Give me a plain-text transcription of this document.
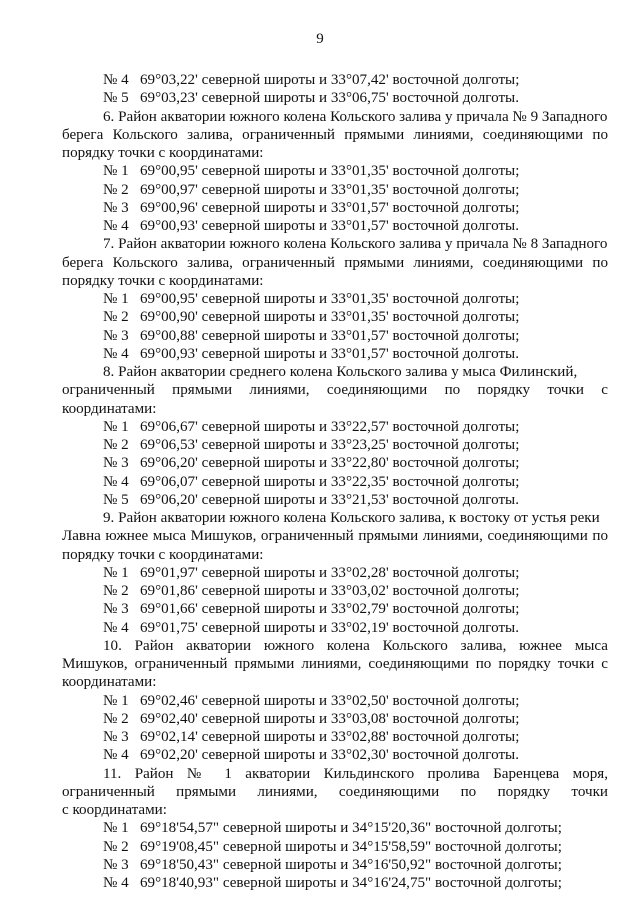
9
№ 4 69°03,22' северной широты и 33°07,42' восточной долготы;
№ 5 69°03,23' северной широты и 33°06,75' восточной долготы.
6. Район акватории южного колена Кольского залива у причала № 9 Западного
берега Кольского залива, ограниченный прямыми линиями, соединяющими по
порядку точки с координатами:
№ 1 69°00,95' северной широты и 33°01,35' восточной долготы;
№ 2 69°00,97' северной широты и 33°01,35' восточной долготы;
№ 3 69°00,96' северной широты и 33°01,57' восточной долготы;
№ 4 69°00,93' северной широты и 33°01,57' восточной долготы.
7. Район акватории южного колена Кольского залива у причала № 8 Западного
берега Кольского залива, ограниченный прямыми линиями, соединяющими по
порядку точки с координатами:
№ 1 69°00,95' северной широты и 33°01,35' восточной долготы;
№ 2 69°00,90' северной широты и 33°01,35' восточной долготы;
№ 3 69°00,88' северной широты и 33°01,57' восточной долготы;
№ 4 69°00,93' северной широты и 33°01,57' восточной долготы.
8. Район акватории среднего колена Кольского залива у мыса Филинский,
ограниченный прямыми линиями, соединяющими по порядку точки с
координатами:
№ 1 69°06,67' северной широты и 33°22,57' восточной долготы;
№ 2 69°06,53' северной широты и 33°23,25' восточной долготы;
№ 3 69°06,20' северной широты и 33°22,80' восточной долготы;
№ 4 69°06,07' северной широты и 33°22,35' восточной долготы;
№ 5 69°06,20' северной широты и 33°21,53' восточной долготы.
9. Район акватории южного колена Кольского залива, к востоку от устья реки
Лавна южнее мыса Мишуков, ограниченный прямыми линиями, соединяющими по
порядку точки с координатами:
№ 1 69°01,97' северной широты и 33°02,28' восточной долготы;
№ 2 69°01,86' северной широты и 33°03,02' восточной долготы;
№ 3 69°01,66' северной широты и 33°02,79' восточной долготы;
№ 4 69°01,75' северной широты и 33°02,19' восточной долготы.
10. Район акватории южного колена Кольского залива, южнее мыса
Мишуков, ограниченный прямыми линиями, соединяющими по порядку точки с
координатами:
№ 1 69°02,46' северной широты и 33°02,50' восточной долготы;
№ 2 69°02,40' северной широты и 33°03,08' восточной долготы;
№ 3 69°02,14' северной широты и 33°02,88' восточной долготы;
№ 4 69°02,20' северной широты и 33°02,30' восточной долготы.
11. Район № 1 акватории Кильдинского пролива Баренцева моря,
ограниченный прямыми линиями, соединяющими по порядку точки
с координатами:
№ 1 69°18'54,57" северной широты и 34°15'20,36" восточной долготы;
№ 2 69°19'08,45" северной широты и 34°15'58,59" восточной долготы;
№ 3 69°18'50,43" северной широты и 34°16'50,92" восточной долготы;
№ 4 69°18'40,93" северной широты и 34°16'24,75" восточной долготы;
